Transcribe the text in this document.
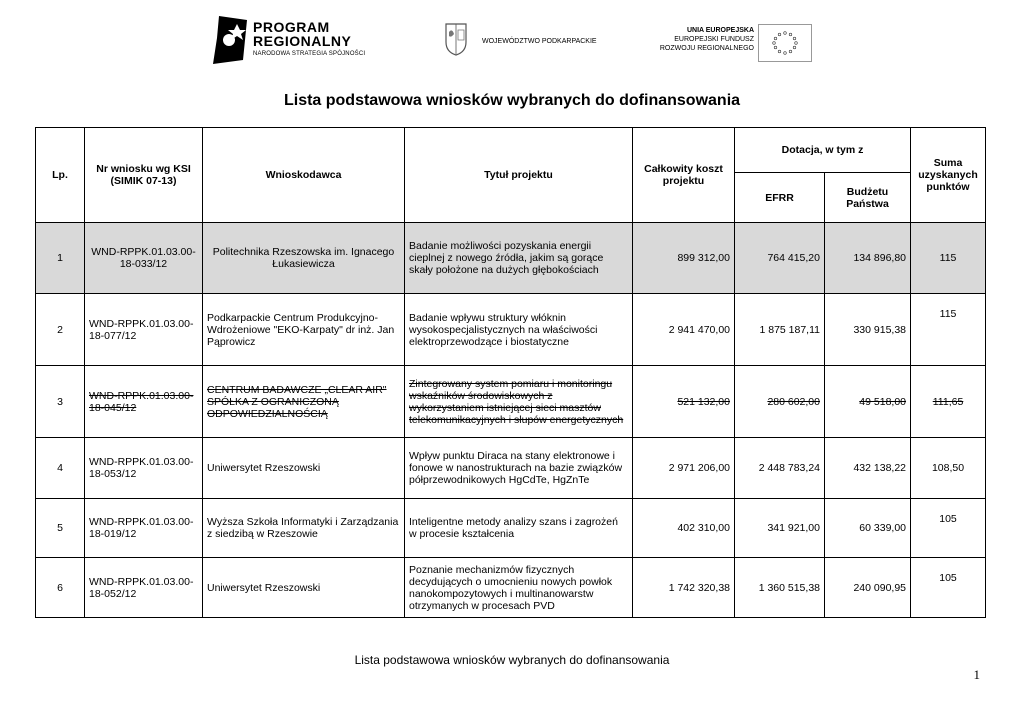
PROGRAM
REGIONALNY
NARODOWA STRATEGIA SPÓJNOŚCI
WOJEWÓDZTWO PODKARPACKIE
UNIA EUROPEJSKA
EUROPEJSKI FUNDUSZ
ROZWOJU REGIONALNEGO
Lista podstawowa wniosków wybranych do dofinansowania
Lp.	Nr wniosku wg KSI (SIMIK 07-13)	Wnioskodawca	Tytuł projektu	Całkowity koszt projektu	Dotacja, w tym z		Suma uzyskanych punktów
					EFRR	Budżetu Państwa	
1	WND-RPPK.01.03.00-18-033/12	Politechnika Rzeszowska im. Ignacego Łukasiewicza	Badanie możliwości pozyskania energii cieplnej z nowego źródła, jakim są gorące skały położone na dużych głębokościach	899 312,00	764 415,20	134 896,80	115
2	WND-RPPK.01.03.00-18-077/12	Podkarpackie Centrum Produkcyjno-Wdrożeniowe "EKO-Karpaty" dr inż. Jan Pąprowicz	Badanie wpływu struktury włóknin wysokospecjalistycznych na właściwości elektroprzewodzące i biostatyczne	2 941 470,00	1 875 187,11	330 915,38	115
3	WND-RPPK.01.03.00-18-045/12	CENTRUM BADAWCZE „CLEAR AIR" SPÓŁKA Z OGRANICZONĄ ODPOWIEDZIALNOŚCIĄ	Zintegrowany system pomiaru i monitoringu wskaźników środowiskowych z wykorzystaniem istniejącej sieci masztów telekomunikacyjnych i słupów energetycznych	521 132,00	280 602,00	49 518,00	111,65
4	WND-RPPK.01.03.00-18-053/12	Uniwersytet Rzeszowski	Wpływ punktu Diraca na stany elektronowe i fonowe w nanostrukturach na bazie związków półprzewodnikowych HgCdTe, HgZnTe	2 971 206,00	2 448 783,24	432 138,22	108,50
5	WND-RPPK.01.03.00-18-019/12	Wyższa Szkoła Informatyki i Zarządzania z siedzibą w Rzeszowie	Inteligentne metody analizy szans i zagrożeń w procesie kształcenia	402 310,00	341 921,00	60 339,00	105
6	WND-RPPK.01.03.00-18-052/12	Uniwersytet Rzeszowski	Poznanie mechanizmów fizycznych decydujących o umocnieniu nowych powłok nanokompozytowych i multinanowarstw otrzymanych w procesach PVD	1 742 320,38	1 360 515,38	240 090,95	105
Lista podstawowa wniosków wybranych do dofinansowania
1
